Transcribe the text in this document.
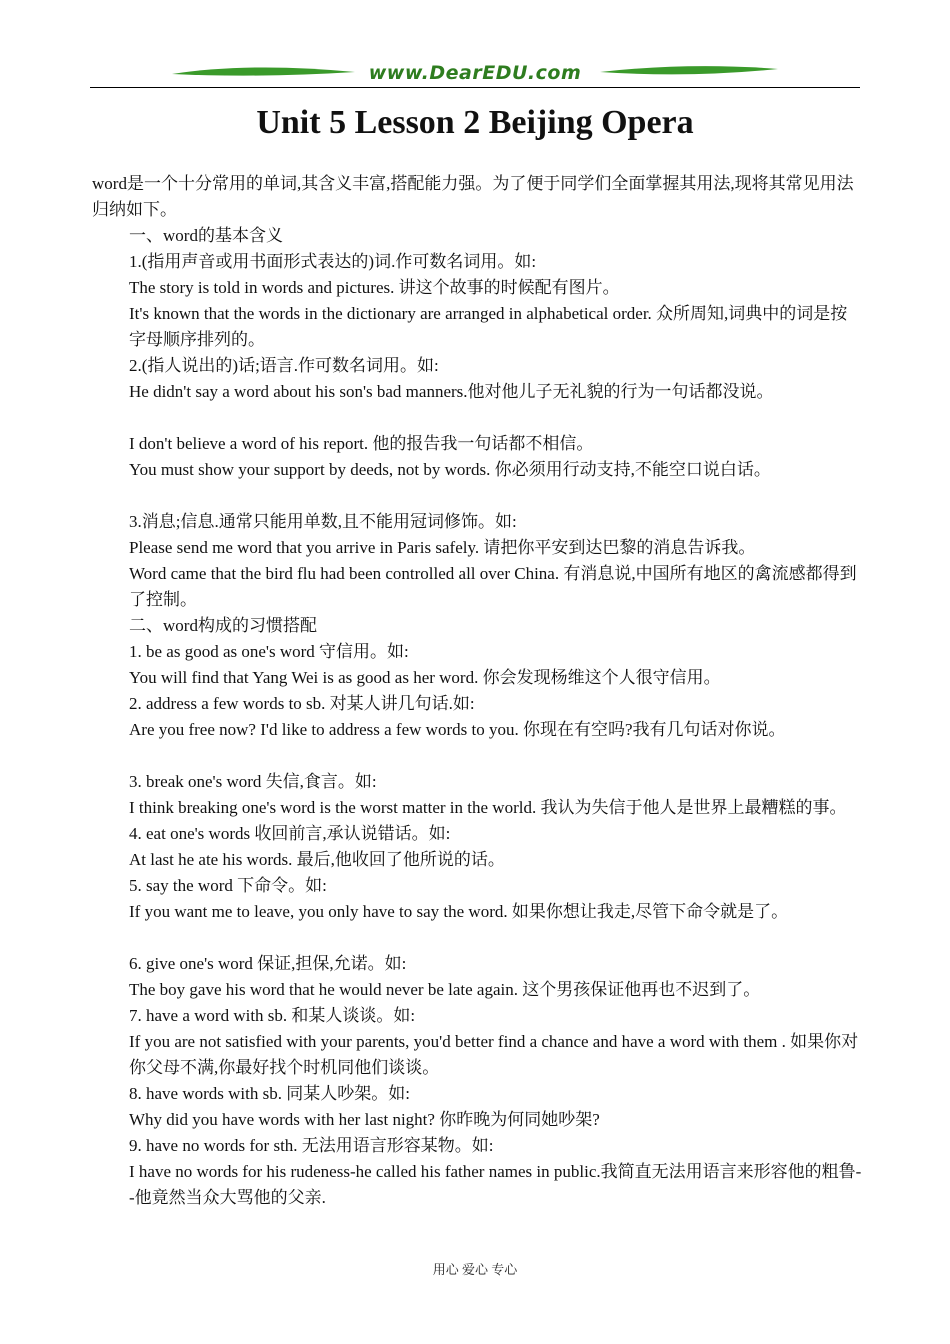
www.DearEDU.com
Unit 5 Lesson 2 Beijing Opera

word是一个十分常用的单词,其含义丰富,搭配能力强。为了便于同学们全面掌握其用法,现将其常见用法归纳如下。

一、word的基本含义

1.(指用声音或用书面形式表达的)词.作可数名词用。如:

The story is told in words and pictures. 讲这个故事的时候配有图片。

It's known that the words in the dictionary are arranged in alphabetical order. 众所周知,词典中的词是按字母顺序排列的。

2.(指人说出的)话;语言.作可数名词用。如:

He didn't say a word about his son's bad manners.他对他儿子无礼貌的行为一句话都没说。

I don't believe a word of his report. 他的报告我一句话都不相信。

You must show your support by deeds, not by words. 你必须用行动支持,不能空口说白话。

3.消息;信息.通常只能用单数,且不能用冠词修饰。如:

Please send me word that you arrive in Paris safely. 请把你平安到达巴黎的消息告诉我。

Word came that the bird flu had been controlled all over China. 有消息说,中国所有地区的禽流感都得到了控制。

二、word构成的习惯搭配

1. be as good as one's word 守信用。如:

You will find that Yang Wei is as good as her word. 你会发现杨维这个人很守信用。

2. address a few words to sb. 对某人讲几句话.如:

Are you free now? I'd like to address a few words to you. 你现在有空吗?我有几句话对你说。

3. break one's word 失信,食言。如:

I think breaking one's word is the worst matter in the world. 我认为失信于他人是世界上最糟糕的事。

4. eat one's words 收回前言,承认说错话。如:

At last he ate his words. 最后,他收回了他所说的话。

5. say the word 下命令。如:

If you want me to leave, you only have to say the word. 如果你想让我走,尽管下命令就是了。

6. give one's word 保证,担保,允诺。如:

The boy gave his word that he would never be late again. 这个男孩保证他再也不迟到了。

7. have a word with sb. 和某人谈谈。如:

If you are not satisfied with your parents, you'd better find a chance and have a word with them . 如果你对你父母不满,你最好找个时机同他们谈谈。

8. have words with sb. 同某人吵架。如:

Why did you have words with her last night? 你昨晚为何同她吵架?

9. have no words for sth. 无法用语言形容某物。如:

I have no words for his rudeness-he called his father names in public.我简直无法用语言来形容他的粗鲁--他竟然当众大骂他的父亲.

用心 爱心 专心
